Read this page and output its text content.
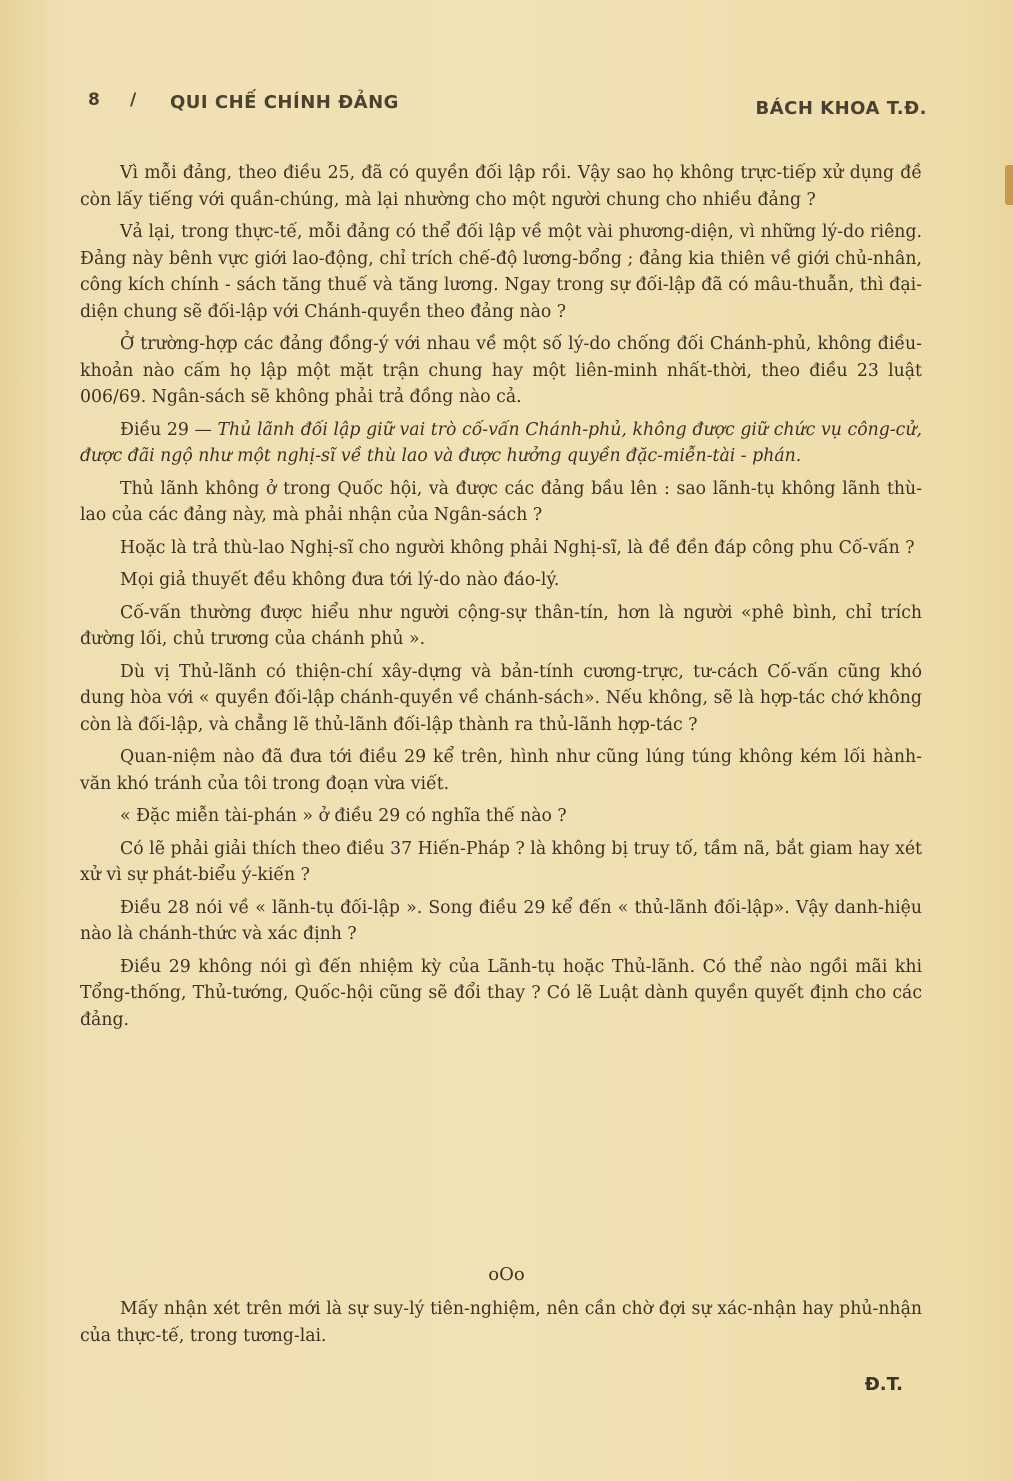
8 / QUI CHẾ CHÍNH ĐẢNG	BÁCH KHOA T.Đ.

Vì mỗi đảng, theo điều 25, đã có quyền đối lập rồi. Vậy sao họ không trực-tiếp xử dụng đề còn lấy tiếng với quần-chúng, mà lại nhường cho một người chung cho nhiều đảng ?

Vả lại, trong thực-tế, mỗi đảng có thể đối lập về một vài phương-diện, vì những lý-do riêng. Đảng này bênh vực giới lao-động, chỉ trích chế-độ lương-bổng ; đảng kia thiên về giới chủ-nhân, công kích chính - sách tăng thuế và tăng lương. Ngay trong sự đối-lập đã có mâu-thuẫn, thì đại-diện chung sẽ đối-lập với Chánh-quyền theo đảng nào ?

Ở trường-hợp các đảng đồng-ý với nhau về một số lý-do chống đối Chánh-phủ, không điều-khoản nào cấm họ lập một mặt trận chung hay một liên-minh nhất-thời, theo điều 23 luật 006/69. Ngân-sách sẽ không phải trả đồng nào cả.

Điều 29 — Thủ lãnh đối lập giữ vai trò cố-vấn Chánh-phủ, không được giữ chức vụ công-cử, được đãi ngộ như một nghị-sĩ về thù lao và được hưởng quyền đặc-miễn-tài - phán.

Thủ lãnh không ở trong Quốc hội, và được các đảng bầu lên : sao lãnh-tụ không lãnh thù-lao của các đảng này, mà phải nhận của Ngân-sách ?

Hoặc là trả thù-lao Nghị-sĩ cho người không phải Nghị-sĩ, là đề đền đáp công phu Cố-vấn ?

Mọi giả thuyết đều không đưa tới lý-do nào đáo-lý.

Cố-vấn thường được hiểu như người cộng-sự thân-tín, hơn là người «phê bình, chỉ trích đường lối, chủ trương của chánh phủ ».

Dù vị Thủ-lãnh có thiện-chí xây-dựng và bản-tính cương-trực, tư-cách Cố-vấn cũng khó dung hòa với « quyền đối-lập chánh-quyền về chánh-sách». Nếu không, sẽ là hợp-tác chớ không còn là đối-lập, và chẳng lẽ thủ-lãnh đối-lập thành ra thủ-lãnh hợp-tác ?

Quan-niệm nào đã đưa tới điều 29 kể trên, hình như cũng lúng túng không kém lối hành-văn khó tránh của tôi trong đoạn vừa viết.

« Đặc miễn tài-phán » ở điều 29 có nghĩa thế nào ?

Có lẽ phải giải thích theo điều 37 Hiến-Pháp ? là không bị truy tố, tầm nã, bắt giam hay xét xử vì sự phát-biểu ý-kiến ?

Điều 28 nói về « lãnh-tụ đối-lập ». Song điều 29 kể đến « thủ-lãnh đối-lập». Vậy danh-hiệu nào là chánh-thức và xác định ?

Điều 29 không nói gì đến nhiệm kỳ của Lãnh-tụ hoặc Thủ-lãnh. Có thể nào ngồi mãi khi Tổng-thống, Thủ-tướng, Quốc-hội cũng sẽ đổi thay ? Có lẽ Luật dành quyền quyết định cho các đảng.

oOo

Mấy nhận xét trên mới là sự suy-lý tiên-nghiệm, nên cần chờ đợi sự xác-nhận hay phủ-nhận của thực-tế, trong tương-lai.

Đ.T.
